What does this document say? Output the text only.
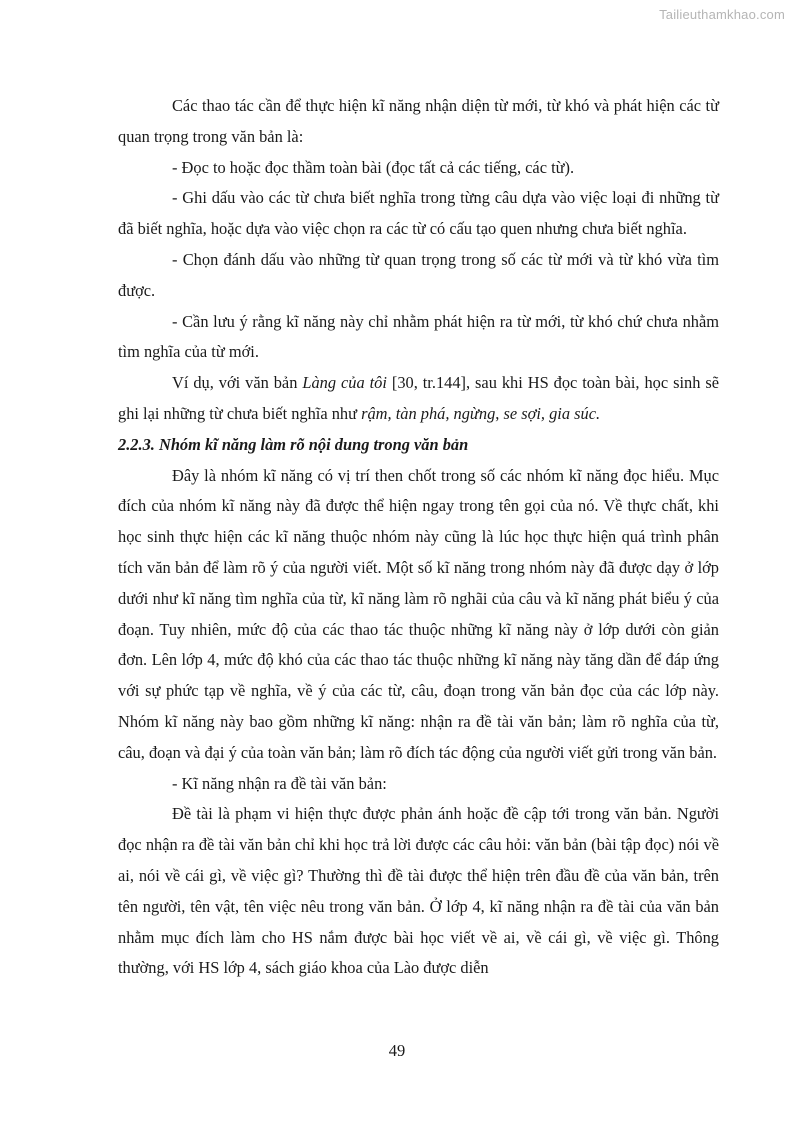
Tailieuthamkhao.com

Các thao tác cần để thực hiện kĩ năng nhận diện từ mới, từ khó và phát hiện các từ quan trọng trong văn bản là:

- Đọc to hoặc đọc thầm toàn bài (đọc tất cả các tiếng, các từ).

- Ghi dấu vào các từ chưa biết nghĩa trong từng câu dựa vào việc loại đi những từ đã biết nghĩa, hoặc dựa vào việc chọn ra các từ có cấu tạo quen nhưng chưa biết nghĩa.

- Chọn đánh dấu vào những từ quan trọng trong số các từ mới và từ khó vừa tìm được.

- Cần lưu ý rằng kĩ năng này chỉ nhằm phát hiện ra từ mới, từ khó chứ chưa nhằm tìm nghĩa của từ mới.

Ví dụ, với văn bản Làng của tôi [30, tr.144], sau khi HS đọc toàn bài, học sinh sẽ ghi lại những từ chưa biết nghĩa như rậm, tàn phá, ngừng, se sợi, gia súc.

2.2.3. Nhóm kĩ năng làm rõ nội dung trong văn bản

Đây là nhóm kĩ năng có vị trí then chốt trong số các nhóm kĩ năng đọc hiểu. Mục đích của nhóm kĩ năng này đã được thể hiện ngay trong tên gọi của nó. Về thực chất, khi học sinh thực hiện các kĩ năng thuộc nhóm này cũng là lúc học thực hiện quá trình phân tích văn bản để làm rõ ý của người viết. Một số kĩ năng trong nhóm này đã được dạy ở lớp dưới như kĩ năng tìm nghĩa của từ, kĩ năng làm rõ nghãi của câu và kĩ năng phát biểu ý của đoạn. Tuy nhiên, mức độ của các thao tác thuộc những kĩ năng này ở lớp dưới còn giản đơn. Lên lớp 4, mức độ khó của các thao tác thuộc những kĩ năng này tăng dần để đáp ứng với sự phức tạp về nghĩa, về ý của các từ, câu, đoạn trong văn bản đọc của các lớp này. Nhóm kĩ năng này bao gồm những kĩ năng: nhận ra đề tài văn bản; làm rõ nghĩa của từ, câu, đoạn và đại ý của toàn văn bản; làm rõ đích tác động của người viết gửi trong văn bản.

- Kĩ năng nhận ra đề tài văn bản:

Đề tài là phạm vi hiện thực được phản ánh hoặc đề cập tới trong văn bản. Người đọc nhận ra đề tài văn bản chỉ khi học trả lời được các câu hỏi: văn bản (bài tập đọc) nói về ai, nói về cái gì, về việc gì? Thường thì đề tài được thể hiện trên đầu đề của văn bản, trên tên người, tên vật, tên việc nêu trong văn bản. Ở lớp 4, kĩ năng nhận ra đề tài của văn bản nhằm mục đích làm cho HS nắm được bài học viết về ai, về cái gì, về việc gì. Thông thường, với HS lớp 4, sách giáo khoa của Lào được diễn

49
